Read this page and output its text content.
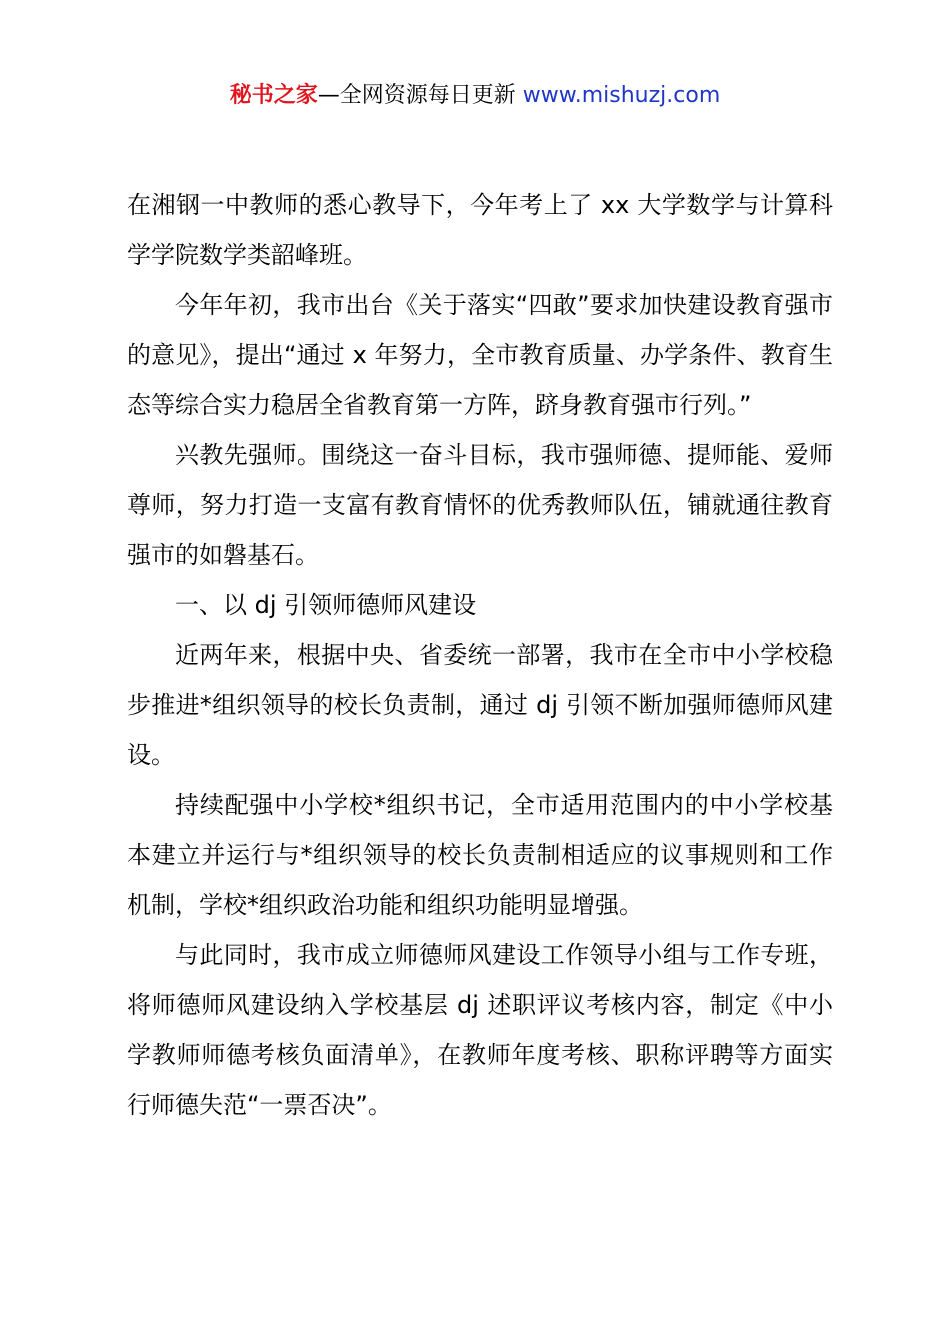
秘书之家—全网资源每日更新 www.mishuzj.com

在湘钢一中教师的悉心教导下，今年考上了 xx 大学数学与计算科学学院数学类韶峰班。

今年年初，我市出台《关于落实“四敢”要求加快建设教育强市的意见》，提出“通过 x 年努力，全市教育质量、办学条件、教育生态等综合实力稳居全省教育第一方阵，跻身教育强市行列。”

兴教先强师。围绕这一奋斗目标，我市强师德、提师能、爱师尊师，努力打造一支富有教育情怀的优秀教师队伍，铺就通往教育强市的如磐基石。

一、以 dj 引领师德师风建设

近两年来，根据中央、省委统一部署，我市在全市中小学校稳步推进*组织领导的校长负责制，通过 dj 引领不断加强师德师风建设。

持续配强中小学校*组织书记，全市适用范围内的中小学校基本建立并运行与*组织领导的校长负责制相适应的议事规则和工作机制，学校*组织政治功能和组织功能明显增强。

与此同时，我市成立师德师风建设工作领导小组与工作专班，将师德师风建设纳入学校基层 dj 述职评议考核内容，制定《中小学教师师德考核负面清单》，在教师年度考核、职称评聘等方面实行师德失范“一票否决”。
